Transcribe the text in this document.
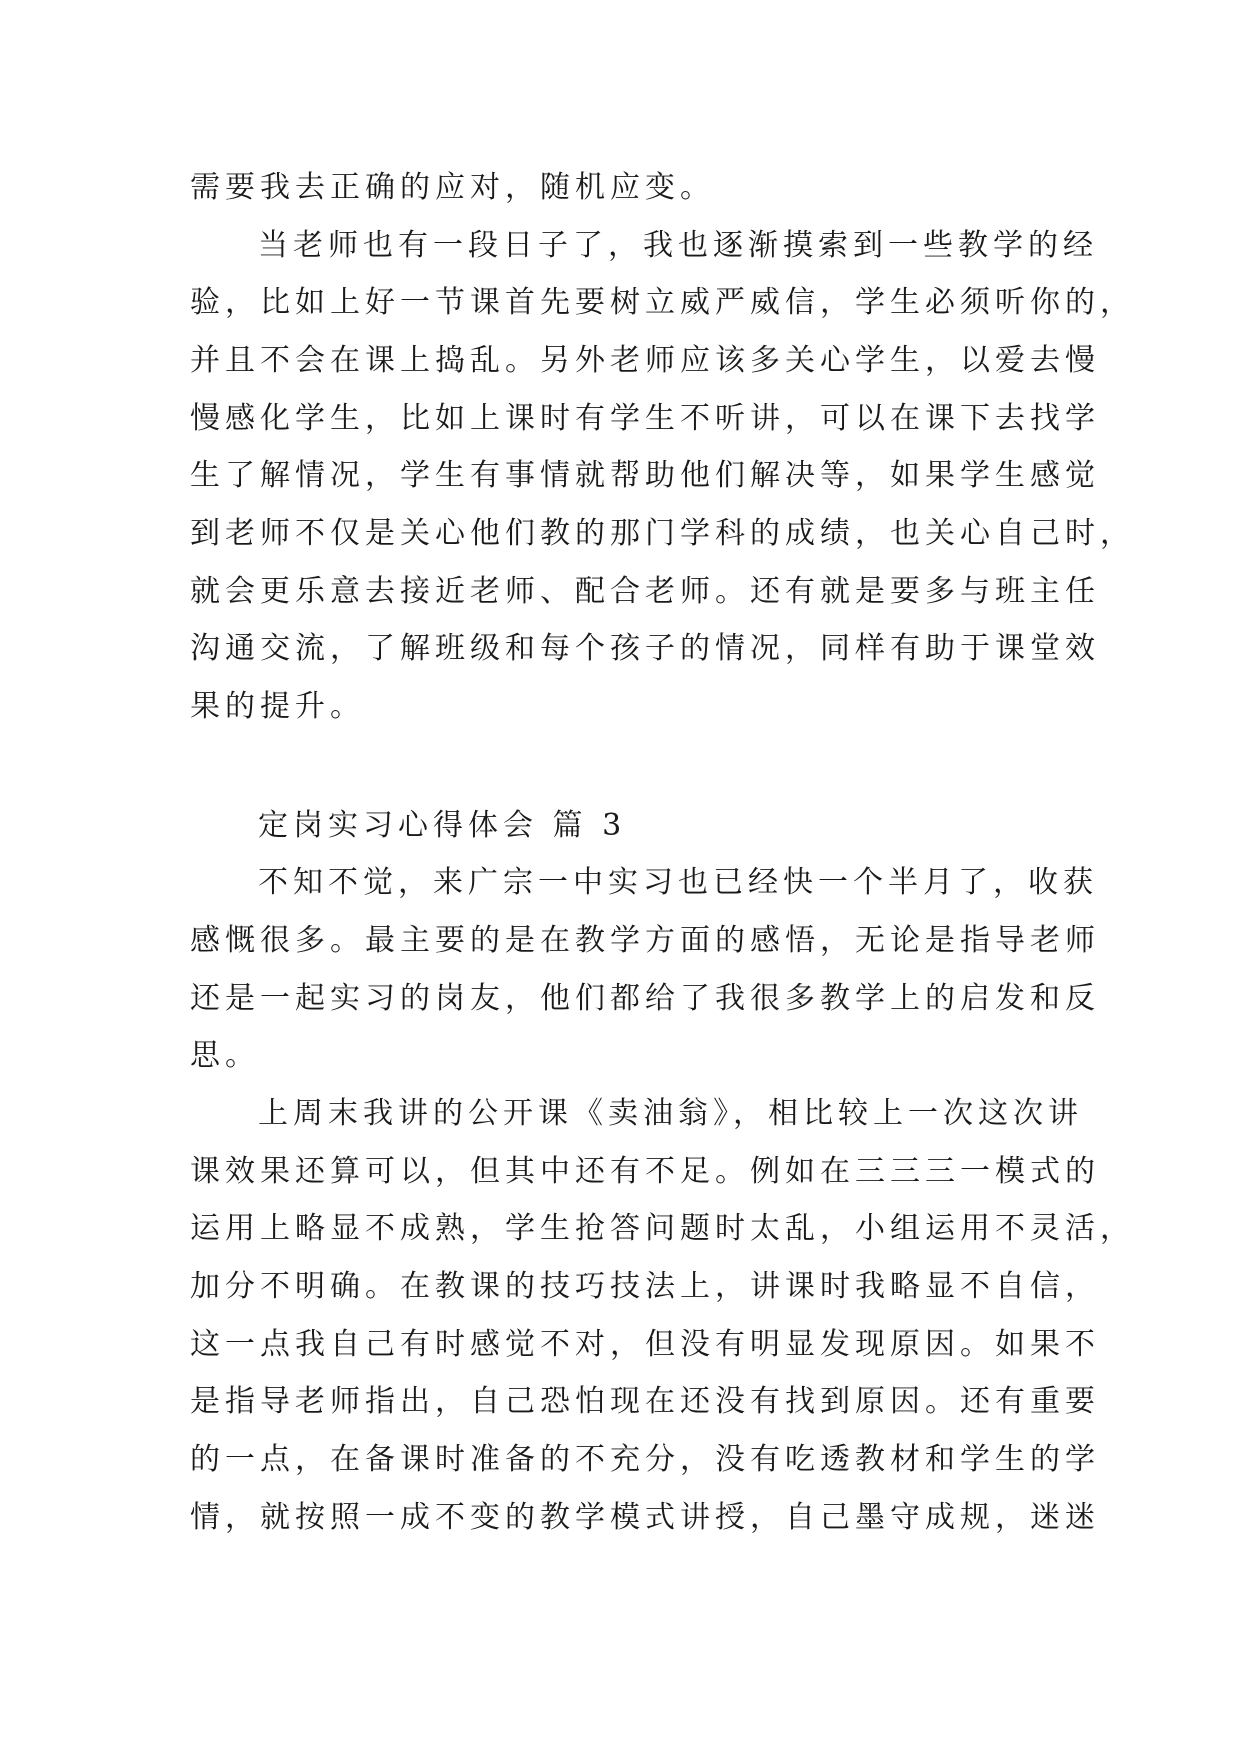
需要我去正确的应对，随机应变。
当老师也有一段日子了，我也逐渐摸索到一些教学的经
验，比如上好一节课首先要树立威严威信，学生必须听你的，
并且不会在课上捣乱。另外老师应该多关心学生，以爱去慢
慢感化学生，比如上课时有学生不听讲，可以在课下去找学
生了解情况，学生有事情就帮助他们解决等，如果学生感觉
到老师不仅是关心他们教的那门学科的成绩，也关心自己时，
就会更乐意去接近老师、配合老师。还有就是要多与班主任
沟通交流，了解班级和每个孩子的情况，同样有助于课堂效
果的提升。
定岗实习心得体会 篇 3
不知不觉，来广宗一中实习也已经快一个半月了，收获
感慨很多。最主要的是在教学方面的感悟，无论是指导老师
还是一起实习的岗友，他们都给了我很多教学上的启发和反
思。
上周末我讲的公开课《卖油翁》，相比较上一次这次讲
课效果还算可以，但其中还有不足。例如在三三三一模式的
运用上略显不成熟，学生抢答问题时太乱，小组运用不灵活，
加分不明确。在教课的技巧技法上，讲课时我略显不自信，
这一点我自己有时感觉不对，但没有明显发现原因。如果不
是指导老师指出，自己恐怕现在还没有找到原因。还有重要
的一点，在备课时准备的不充分，没有吃透教材和学生的学
情，就按照一成不变的教学模式讲授，自己墨守成规，迷迷
